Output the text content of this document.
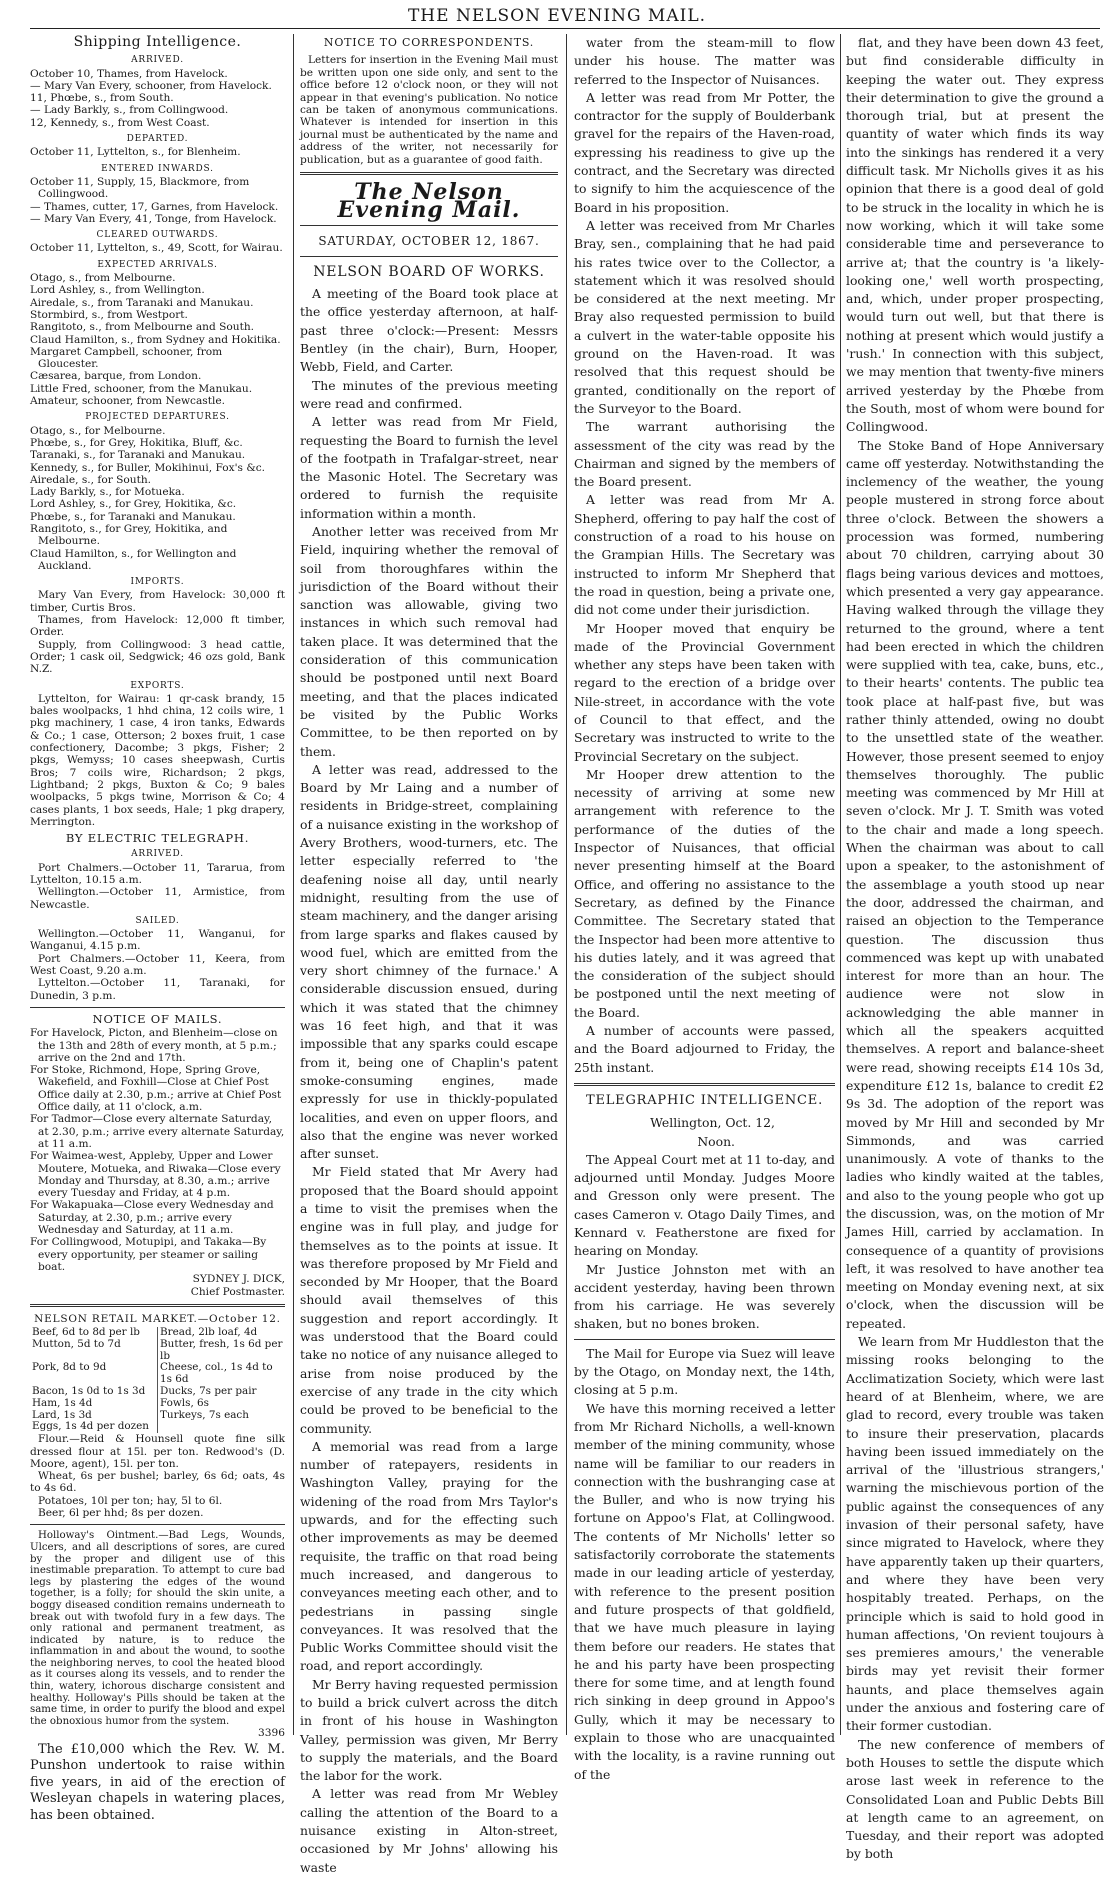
THE NELSON EVENING MAIL.
Shipping Intelligence.
ARRIVED.

October 10, Thames, from Havelock.

— Mary Van Every, schooner, from Havelock.

11, Phœbe, s., from South.

— Lady Barkly, s., from Collingwood.

12, Kennedy, s., from West Coast.

DEPARTED.

October 11, Lyttelton, s., for Blenheim.

ENTERED INWARDS.

October 11, Supply, 15, Blackmore, from Collingwood.

— Thames, cutter, 17, Garnes, from Havelock.

— Mary Van Every, 41, Tonge, from Havelock.

CLEARED OUTWARDS.

October 11, Lyttelton, s., 49, Scott, for Wairau.

EXPECTED ARRIVALS.

Otago, s., from Melbourne.

Lord Ashley, s., from Wellington.

Airedale, s., from Taranaki and Manukau.

Stormbird, s., from Westport.

Rangitoto, s., from Melbourne and South.

Claud Hamilton, s., from Sydney and Hokitika.

Margaret Campbell, schooner, from Gloucester.

Cæsarea, barque, from London.

Little Fred, schooner, from the Manukau.

Amateur, schooner, from Newcastle.

PROJECTED DEPARTURES.

Otago, s., for Melbourne.

Phœbe, s., for Grey, Hokitika, Bluff, &c.

Taranaki, s., for Taranaki and Manukau.

Kennedy, s., for Buller, Mokihinui, Fox's &c.

Airedale, s., for South.

Lady Barkly, s., for Motueka.

Lord Ashley, s., for Grey, Hokitika, &c.

Phœbe, s., for Taranaki and Manukau.

Rangitoto, s., for Grey, Hokitika, and Melbourne.

Claud Hamilton, s., for Wellington and Auckland.

IMPORTS.

Mary Van Every, from Havelock: 30,000 ft timber, Curtis Bros.

Thames, from Havelock: 12,000 ft timber, Order.

Supply, from Collingwood: 3 head cattle, Order; 1 cask oil, Sedgwick; 46 ozs gold, Bank N.Z.

EXPORTS.

Lyttelton, for Wairau: 1 qr-cask brandy, 15 bales woolpacks, 1 hhd china, 12 coils wire, 1 pkg machinery, 1 case, 4 iron tanks, Edwards & Co.; 1 case, Otterson; 2 boxes fruit, 1 case confectionery, Dacombe; 3 pkgs, Fisher; 2 pkgs, Wemyss; 10 cases sheepwash, Curtis Bros; 7 coils wire, Richardson; 2 pkgs, Lightband; 2 pkgs, Buxton & Co; 9 bales woolpacks, 5 pkgs twine, Morrison & Co; 4 cases plants, 1 box seeds, Hale; 1 pkg drapery, Merrington.

BY ELECTRIC TELEGRAPH.
ARRIVED.

Port Chalmers.—October 11, Tararua, from Lyttelton, 10.15 a.m.

Wellington.—October 11, Armistice, from Newcastle.

SAILED.

Wellington.—October 11, Wanganui, for Wanganui, 4.15 p.m.

Port Chalmers.—October 11, Keera, from West Coast, 9.20 a.m.

Lyttelton.—October 11, Taranaki, for Dunedin, 3 p.m.

NOTICE OF MAILS.

For Havelock, Picton, and Blenheim—close on the 13th and 28th of every month, at 5 p.m.; arrive on the 2nd and 17th.

For Stoke, Richmond, Hope, Spring Grove, Wakefield, and Foxhill—Close at Chief Post Office daily at 2.30, p.m.; arrive at Chief Post Office daily, at 11 o'clock, a.m.

For Tadmor—Close every alternate Saturday, at 2.30, p.m.; arrive every alternate Saturday, at 11 a.m.

For Waimea-west, Appleby, Upper and Lower Moutere, Motueka, and Riwaka—Close every Monday and Thursday, at 8.30, a.m.; arrive every Tuesday and Friday, at 4 p.m.

For Wakapuaka—Close every Wednesday and Saturday, at 2.30, p.m.; arrive every Wednesday and Saturday, at 11 a.m.

For Collingwood, Motupipi, and Takaka—By every opportunity, per steamer or sailing boat.

SYDNEY J. DICK,

Chief Postmaster.

NELSON RETAIL MARKET.—October 12.
Beef, 6d to 8d per lb	Bread, 2lb loaf, 4d
Mutton, 5d to 7d	Butter, fresh, 1s 6d per lb
Pork, 8d to 9d	Cheese, col., 1s 4d to 1s 6d
Bacon, 1s 0d to 1s 3d	Ducks, 7s per pair
Ham, 1s 4d	Fowls, 6s
Lard, 1s 3d	Turkeys, 7s each
Eggs, 1s 4d per dozen	

Flour.—Reid & Hounsell quote fine silk dressed flour at 15l. per ton. Redwood's (D. Moore, agent), 15l. per ton.

Wheat, 6s per bushel; barley, 6s 6d; oats, 4s to 4s 6d.

Potatoes, 10l per ton; hay, 5l to 6l.

Beer, 6l per hhd; 8s per dozen.

Holloway's Ointment.—Bad Legs, Wounds, Ulcers, and all descriptions of sores, are cured by the proper and diligent use of this inestimable preparation. To attempt to cure bad legs by plastering the edges of the wound together, is a folly; for should the skin unite, a boggy diseased condition remains underneath to break out with twofold fury in a few days. The only rational and permanent treatment, as indicated by nature, is to reduce the inflammation in and about the wound, to soothe the neighboring nerves, to cool the heated blood as it courses along its vessels, and to render the thin, watery, ichorous discharge consistent and healthy. Holloway's Pills should be taken at the same time, in order to purify the blood and expel the obnoxious humor from the system.

3396

The £10,000 which the Rev. W. M. Punshon undertook to raise within five years, in aid of the erection of Wesleyan chapels in watering places, has been obtained.

NOTICE TO CORRESPONDENTS.

Letters for insertion in the Evening Mail must be written upon one side only, and sent to the office before 12 o'clock noon, or they will not appear in that evening's publication. No notice can be taken of anonymous communications. Whatever is intended for insertion in this journal must be authenticated by the name and address of the writer, not necessarily for publication, but as a guarantee of good faith.

The Nelson Evening Mail.

SATURDAY, OCTOBER 12, 1867.

NELSON BOARD OF WORKS.

A meeting of the Board took place at the office yesterday afternoon, at half-past three o'clock:—Present: Messrs Bentley (in the chair), Burn, Hooper, Webb, Field, and Carter.

The minutes of the previous meeting were read and confirmed.

A letter was read from Mr Field, requesting the Board to furnish the level of the footpath in Trafalgar-street, near the Masonic Hotel. The Secretary was ordered to furnish the requisite information within a month.

Another letter was received from Mr Field, inquiring whether the removal of soil from thoroughfares within the jurisdiction of the Board without their sanction was allowable, giving two instances in which such removal had taken place. It was determined that the consideration of this communication should be postponed until next Board meeting, and that the places indicated be visited by the Public Works Committee, to be then reported on by them.

A letter was read, addressed to the Board by Mr Laing and a number of residents in Bridge-street, complaining of a nuisance existing in the workshop of Avery Brothers, wood-turners, etc. The letter especially referred to 'the deafening noise all day, until nearly midnight, resulting from the use of steam machinery, and the danger arising from large sparks and flakes caused by wood fuel, which are emitted from the very short chimney of the furnace.' A considerable discussion ensued, during which it was stated that the chimney was 16 feet high, and that it was impossible that any sparks could escape from it, being one of Chaplin's patent smoke-consuming engines, made expressly for use in thickly-populated localities, and even on upper floors, and also that the engine was never worked after sunset.

Mr Field stated that Mr Avery had proposed that the Board should appoint a time to visit the premises when the engine was in full play, and judge for themselves as to the points at issue. It was therefore proposed by Mr Field and seconded by Mr Hooper, that the Board should avail themselves of this suggestion and report accordingly. It was understood that the Board could take no notice of any nuisance alleged to arise from noise produced by the exercise of any trade in the city which could be proved to be beneficial to the community.

A memorial was read from a large number of ratepayers, residents in Washington Valley, praying for the widening of the road from Mrs Taylor's upwards, and for the effecting such other improvements as may be deemed requisite, the traffic on that road being much increased, and dangerous to conveyances meeting each other, and to pedestrians in passing single conveyances. It was resolved that the Public Works Committee should visit the road, and report accordingly.

Mr Berry having requested permission to build a brick culvert across the ditch in front of his house in Washington Valley, permission was given, Mr Berry to supply the materials, and the Board the labor for the work.

A letter was read from Mr Webley calling the attention of the Board to a nuisance existing in Alton-street, occasioned by Mr Johns' allowing his waste

water from the steam-mill to flow under his house. The matter was referred to the Inspector of Nuisances.

A letter was read from Mr Potter, the contractor for the supply of Boulderbank gravel for the repairs of the Haven-road, expressing his readiness to give up the contract, and the Secretary was directed to signify to him the acquiescence of the Board in his proposition.

A letter was received from Mr Charles Bray, sen., complaining that he had paid his rates twice over to the Collector, a statement which it was resolved should be considered at the next meeting. Mr Bray also requested permission to build a culvert in the water-table opposite his ground on the Haven-road. It was resolved that this request should be granted, conditionally on the report of the Surveyor to the Board.

The warrant authorising the assessment of the city was read by the Chairman and signed by the members of the Board present.

A letter was read from Mr A. Shepherd, offering to pay half the cost of construction of a road to his house on the Grampian Hills. The Secretary was instructed to inform Mr Shepherd that the road in question, being a private one, did not come under their jurisdiction.

Mr Hooper moved that enquiry be made of the Provincial Government whether any steps have been taken with regard to the erection of a bridge over Nile-street, in accordance with the vote of Council to that effect, and the Secretary was instructed to write to the Provincial Secretary on the subject.

Mr Hooper drew attention to the necessity of arriving at some new arrangement with reference to the performance of the duties of the Inspector of Nuisances, that official never presenting himself at the Board Office, and offering no assistance to the Secretary, as defined by the Finance Committee. The Secretary stated that the Inspector had been more attentive to his duties lately, and it was agreed that the consideration of the subject should be postponed until the next meeting of the Board.

A number of accounts were passed, and the Board adjourned to Friday, the 25th instant.

TELEGRAPHIC INTELLIGENCE.

Wellington, Oct. 12,

Noon.

The Appeal Court met at 11 to-day, and adjourned until Monday. Judges Moore and Gresson only were present. The cases Cameron v. Otago Daily Times, and Kennard v. Featherstone are fixed for hearing on Monday.

Mr Justice Johnston met with an accident yesterday, having been thrown from his carriage. He was severely shaken, but no bones broken.

The Mail for Europe via Suez will leave by the Otago, on Monday next, the 14th, closing at 5 p.m.

We have this morning received a letter from Mr Richard Nicholls, a well-known member of the mining community, whose name will be familiar to our readers in connection with the bushranging case at the Buller, and who is now trying his fortune on Appoo's Flat, at Collingwood. The contents of Mr Nicholls' letter so satisfactorily corroborate the statements made in our leading article of yesterday, with reference to the present position and future prospects of that goldfield, that we have much pleasure in laying them before our readers. He states that he and his party have been prospecting there for some time, and at length found rich sinking in deep ground in Appoo's Gully, which it may be necessary to explain to those who are unacquainted with the locality, is a ravine running out of the

flat, and they have been down 43 feet, but find considerable difficulty in keeping the water out. They express their determination to give the ground a thorough trial, but at present the quantity of water which finds its way into the sinkings has rendered it a very difficult task. Mr Nicholls gives it as his opinion that there is a good deal of gold to be struck in the locality in which he is now working, which it will take some considerable time and perseverance to arrive at; that the country is 'a likely-looking one,' well worth prospecting, and, which, under proper prospecting, would turn out well, but that there is nothing at present which would justify a 'rush.' In connection with this subject, we may mention that twenty-five miners arrived yesterday by the Phœbe from the South, most of whom were bound for Collingwood.

The Stoke Band of Hope Anniversary came off yesterday. Notwithstanding the inclemency of the weather, the young people mustered in strong force about three o'clock. Between the showers a procession was formed, numbering about 70 children, carrying about 30 flags being various devices and mottoes, which presented a very gay appearance. Having walked through the village they returned to the ground, where a tent had been erected in which the children were supplied with tea, cake, buns, etc., to their hearts' contents. The public tea took place at half-past five, but was rather thinly attended, owing no doubt to the unsettled state of the weather. However, those present seemed to enjoy themselves thoroughly. The public meeting was commenced by Mr Hill at seven o'clock. Mr J. T. Smith was voted to the chair and made a long speech. When the chairman was about to call upon a speaker, to the astonishment of the assemblage a youth stood up near the door, addressed the chairman, and raised an objection to the Temperance question. The discussion thus commenced was kept up with unabated interest for more than an hour. The audience were not slow in acknowledging the able manner in which all the speakers acquitted themselves. A report and balance-sheet were read, showing receipts £14 10s 3d, expenditure £12 1s, balance to credit £2 9s 3d. The adoption of the report was moved by Mr Hill and seconded by Mr Simmonds, and was carried unanimously. A vote of thanks to the ladies who kindly waited at the tables, and also to the young people who got up the discussion, was, on the motion of Mr James Hill, carried by acclamation. In consequence of a quantity of provisions left, it was resolved to have another tea meeting on Monday evening next, at six o'clock, when the discussion will be repeated.

We learn from Mr Huddleston that the missing rooks belonging to the Acclimatization Society, which were last heard of at Blenheim, where, we are glad to record, every trouble was taken to insure their preservation, placards having been issued immediately on the arrival of the 'illustrious strangers,' warning the mischievous portion of the public against the consequences of any invasion of their personal safety, have since migrated to Havelock, where they have apparently taken up their quarters, and where they have been very hospitably treated. Perhaps, on the principle which is said to hold good in human affections, 'On revient toujours à ses premieres amours,' the venerable birds may yet revisit their former haunts, and place themselves again under the anxious and fostering care of their former custodian.

The new conference of members of both Houses to settle the dispute which arose last week in reference to the Consolidated Loan and Public Debts Bill at length came to an agreement, on Tuesday, and their report was adopted by both
